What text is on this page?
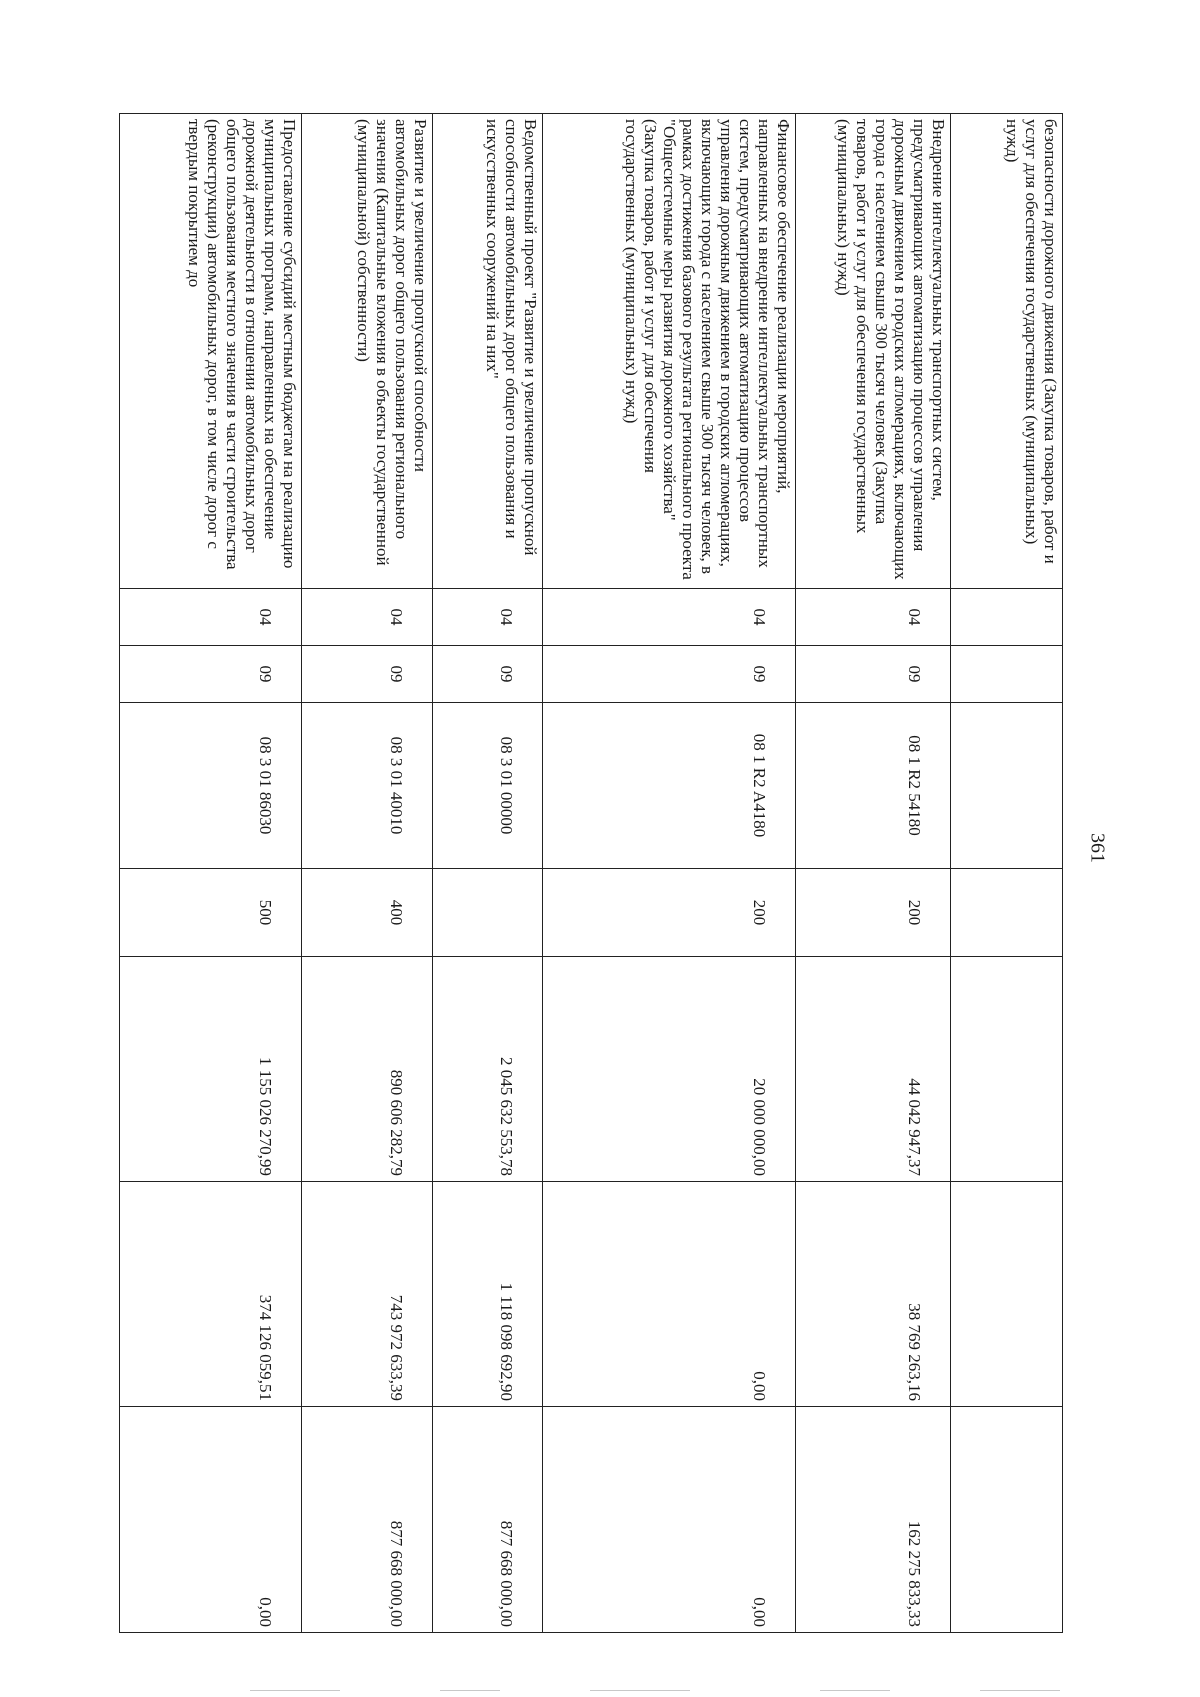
361
безопасности дорожного движения (Закупка товаров, работ и услуг для обеспечения государственных (муниципальных) нужд)							
Внедрение интеллектуальных транспортных систем, предусматривающих автоматизацию процессов управления дорожным движением в городских агломерациях, включающих города с населением свыше 300 тысяч человек (Закупка товаров, работ и услуг для обеспечения государственных (муниципальных) нужд)	04	09	08 1 R2 54180	200	44 042 947,37	38 769 263,16	162 275 833,33
Финансовое обеспечение реализации мероприятий, направленных на внедрение интеллектуальных транспортных систем, предусматривающих автоматизацию процессов управления дорожным движением в городских агломерациях, включающих города с населением свыше 300 тысяч человек, в рамках достижения базового результата регионального проекта "Общесистемные меры развития дорожного хозяйства" (Закупка товаров, работ и услуг для обеспечения государственных (муниципальных) нужд)	04	09	08 1 R2 A4180	200	20 000 000,00	0,00	0,00
Ведомственный проект "Развитие и увеличение пропускной способности автомобильных дорог общего пользования и искусственных сооружений на них"	04	09	08 3 01 00000		2 045 632 553,78	1 118 098 692,90	877 668 000,00
Развитие и увеличение пропускной способности автомобильных дорог общего пользования регионального значения (Капитальные вложения в объекты государственной (муниципальной) собственности)	04	09	08 3 01 40010	400	890 606 282,79	743 972 633,39	877 668 000,00
Предоставление субсидий местным бюджетам на реализацию муниципальных программ, направленных на обеспечение дорожной деятельности в отношении автомобильных дорог общего пользования местного значения в части строительства (реконструкции) автомобильных дорог, в том числе дорог с твердым покрытием до	04	09	08 3 01 86030	500	1 155 026 270,99	374 126 059,51	0,00
